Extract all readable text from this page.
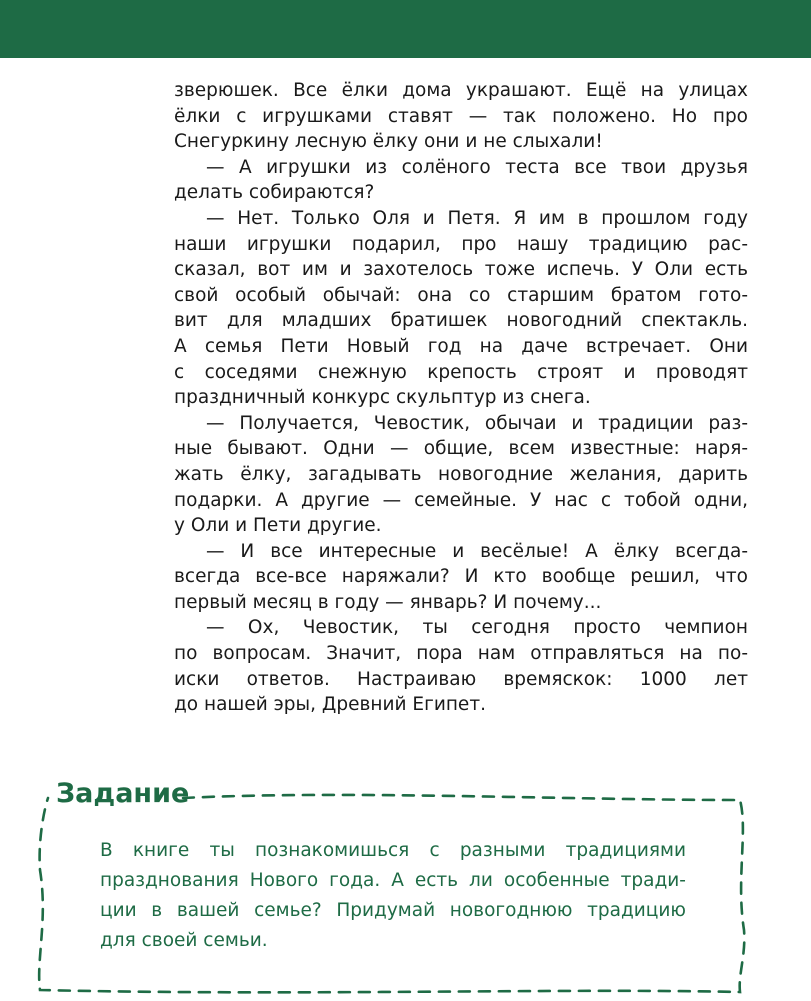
зверюшек. Все ёлки дома украшают. Ещё на улицах
ёлки с игрушками ставят — так положено. Но про
Снегуркину лесную ёлку они и не слыхали!
— А игрушки из солёного теста все твои друзья
делать собираются?
— Нет. Только Оля и Петя. Я им в прошлом году
наши игрушки подарил, про нашу традицию рас-
сказал, вот им и захотелось тоже испечь. У Оли есть
свой особый обычай: она со старшим братом гото-
вит для младших братишек новогодний спектакль.
А семья Пети Новый год на даче встречает. Они
с соседями снежную крепость строят и проводят
праздничный конкурс скульптур из снега.
— Получается, Чевостик, обычаи и традиции раз-
ные бывают. Одни — общие, всем известные: наря-
жать ёлку, загадывать новогодние желания, дарить
подарки. А другие — семейные. У нас с тобой одни,
у Оли и Пети другие.
— И все интересные и весёлые! А ёлку всегда-
всегда все-все наряжали? И кто вообще решил, что
первый месяц в году — январь? И почему...
— Ох, Чевостик, ты сегодня просто чемпион
по вопросам. Значит, пора нам отправляться на по-
иски ответов. Настраиваю времяскок: 1000 лет
до нашей эры, Древний Египет.
Задание
В книге ты познакомишься с разными традициями
празднования Нового года. А есть ли особенные тради-
ции в вашей семье? Придумай новогоднюю традицию
для своей семьи.
